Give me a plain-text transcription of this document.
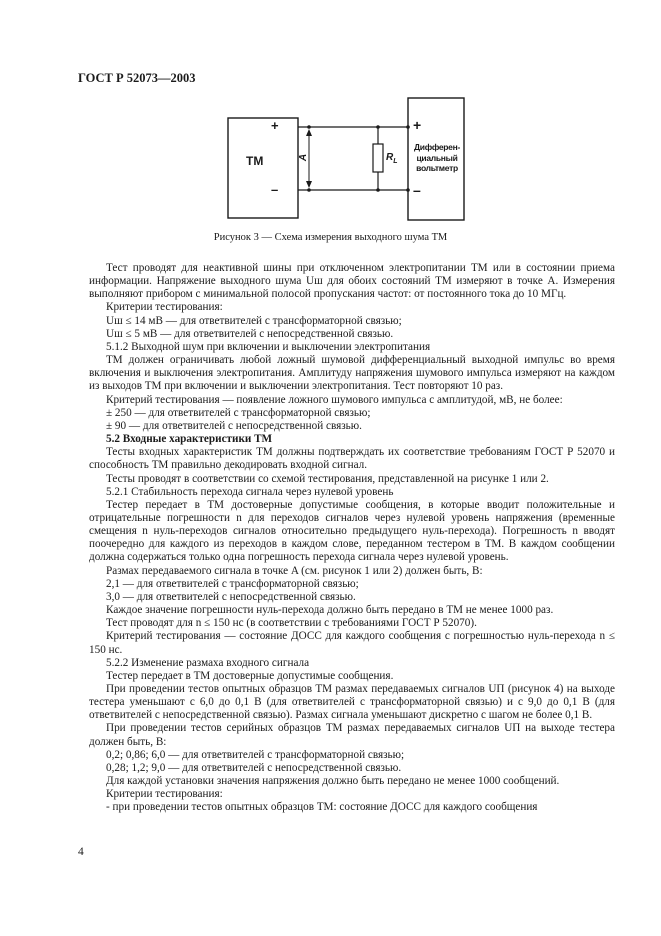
ГОСТ Р 52073—2003
ТМ
+
–
A	$R_L$
+
–
Дифферен-
циальный
вольтметр
Рисунок 3 — Схема измерения выходного шума ТМ

Тест проводят для неактивной шины при отключенном электропитании ТМ или в состоянии приема информации. Напряжение выходного шума Uш для обоих состояний ТМ измеряют в точке A. Измерения выполняют прибором с минимальной полосой пропускания частот: от постоянного тока до 10 МГц.

Критерии тестирования:

Uш ≤ 14 мВ — для ответвителей с трансформаторной связью;

Uш ≤ 5 мВ — для ответвителей с непосредственной связью.

5.1.2 Выходной шум при включении и выключении электропитания

ТМ должен ограничивать любой ложный шумовой дифференциальный выходной импульс во время включения и выключения электропитания. Амплитуду напряжения шумового импульса измеряют на каждом из выходов ТМ при включении и выключении электропитания. Тест повторяют 10 раз.

Критерий тестирования — появление ложного шумового импульса с амплитудой, мВ, не более:

± 250 — для ответвителей с трансформаторной связью;

± 90 — для ответвителей с непосредственной связью.

5.2 Входные характеристики ТМ

Тесты входных характеристик ТМ должны подтверждать их соответствие требованиям ГОСТ Р 52070 и способность ТМ правильно декодировать входной сигнал.

Тесты проводят в соответствии со схемой тестирования, представленной на рисунке 1 или 2.

5.2.1 Стабильность перехода сигнала через нулевой уровень

Тестер передает в ТМ достоверные допустимые сообщения, в которые вводит положительные и отрицательные погрешности n для переходов сигналов через нулевой уровень напряжения (временные смещения n нуль-переходов сигналов относительно предыдущего нуль-перехода). Погрешность n вводят поочередно для каждого из переходов в каждом слове, переданном тестером в ТМ. В каждом сообщении должна содержаться только одна погрешность перехода сигнала через нулевой уровень.

Размах передаваемого сигнала в точке A (см. рисунок 1 или 2) должен быть, В:

2,1 — для ответвителей с трансформаторной связью;

3,0 — для ответвителей с непосредственной связью.

Каждое значение погрешности нуль-перехода должно быть передано в ТМ не менее 1000 раз.

Тест проводят для n ≤ 150 нс (в соответствии с требованиями ГОСТ Р 52070).

Критерий тестирования — состояние ДОСС для каждого сообщения с погрешностью нуль-перехода n ≤ 150 нс.

5.2.2 Изменение размаха входного сигнала

Тестер передает в ТМ достоверные допустимые сообщения.

При проведении тестов опытных образцов ТМ размах передаваемых сигналов UП (рисунок 4) на выходе тестера уменьшают с 6,0 до 0,1 В (для ответвителей с трансформаторной связью) и с 9,0 до 0,1 В (для ответвителей с непосредственной связью). Размах сигнала уменьшают дискретно с шагом не более 0,1 В.

При проведении тестов серийных образцов ТМ размах передаваемых сигналов UП на выходе тестера должен быть, В:

0,2; 0,86; 6,0 — для ответвителей с трансформаторной связью;

0,28; 1,2; 9,0 — для ответвителей с непосредственной связью.

Для каждой установки значения напряжения должно быть передано не менее 1000 сообщений.

Критерии тестирования:

- при проведении тестов опытных образцов ТМ: состояние ДОСС для каждого сообщения

4
